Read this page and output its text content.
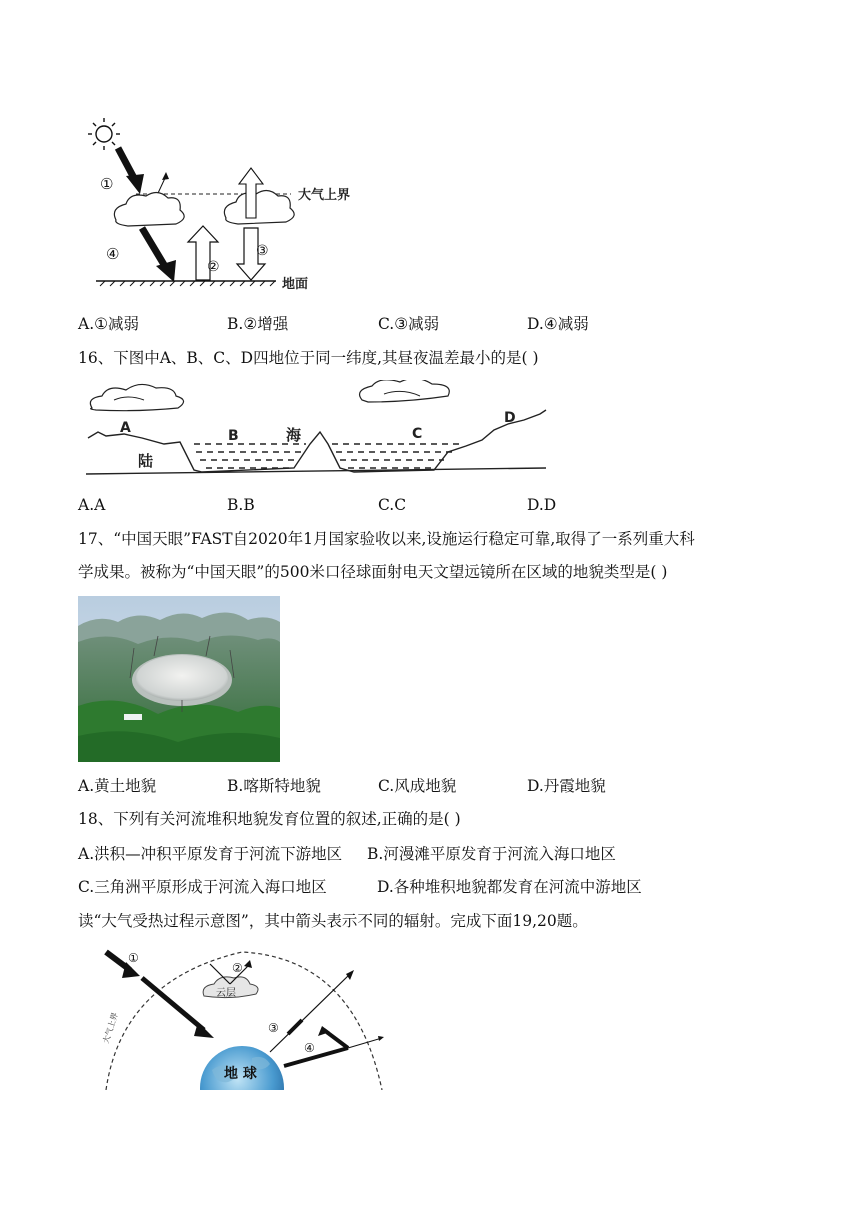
大气上界
①
④
②
③
地面
A.①减弱	B.②增强	C.③减弱	D.④减弱
16、下图中A、B、C、D四地位于同一纬度,其昼夜温差最小的是( )
A	B	海	C
D
陆
A.A	B.B	C.C	D.D
17、“中国天眼”FAST自2020年1月国家验收以来,设施运行稳定可靠,取得了一系列重大科
学成果。被称为“中国天眼”的500米口径球面射电天文望远镜所在区域的地貌类型是( )
A.黄土地貌	B.喀斯特地貌	C.风成地貌	D.丹霞地貌
18、下列有关河流堆积地貌发育位置的叙述,正确的是( )
A.洪积—冲积平原发育于河流下游地区 B.河漫滩平原发育于河流入海口地区
C.三角洲平原形成于河流入海口地区	D.各种堆积地貌都发育在河流中游地区
读“大气受热过程示意图”，其中箭头表示不同的辐射。完成下面19,20题。
大气上界
地 球
云层
①
②
③
④
